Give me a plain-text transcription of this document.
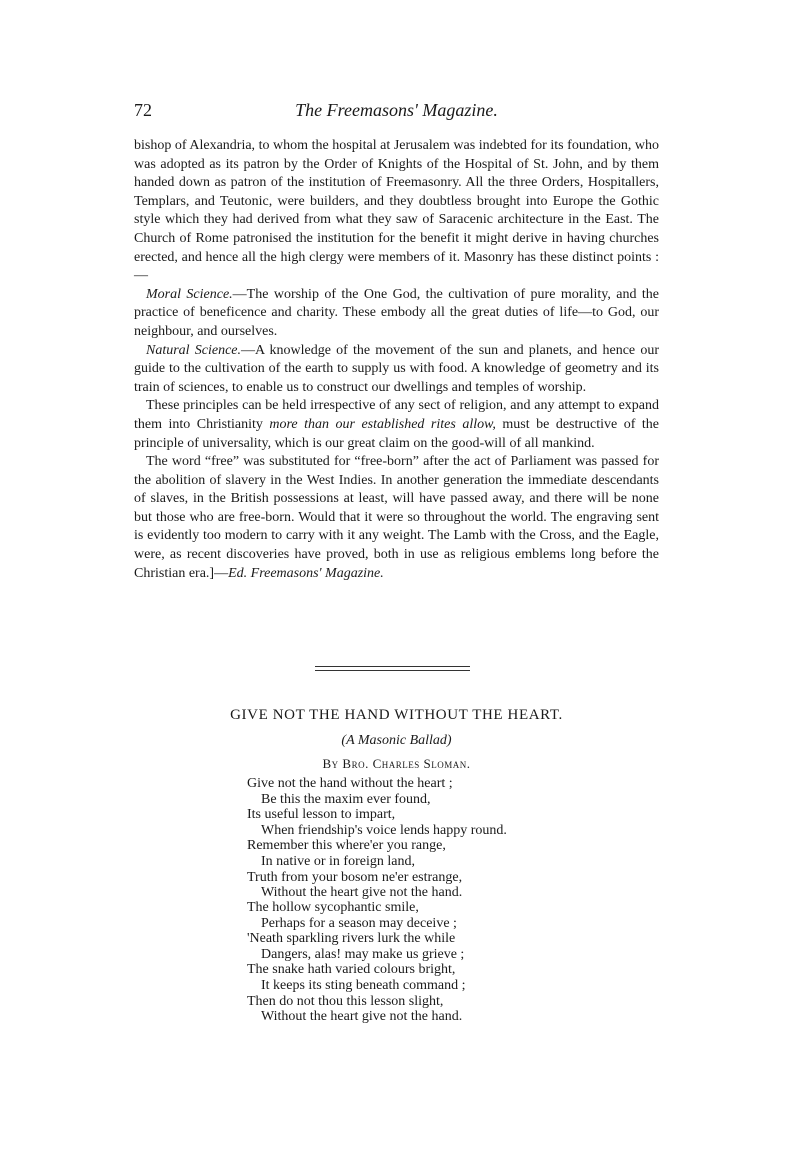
72	The Freemasons' Magazine.

bishop of Alexandria, to whom the hospital at Jerusalem was indebted for its foundation, who was adopted as its patron by the Order of Knights of the Hospital of St. John, and by them handed down as patron of the institution of Freemasonry. All the three Orders, Hospitallers, Templars, and Teutonic, were builders, and they doubtless brought into Europe the Gothic style which they had derived from what they saw of Saracenic architecture in the East. The Church of Rome patronised the institution for the benefit it might derive in having churches erected, and hence all the high clergy were members of it. Masonry has these distinct points :—

Moral Science.—The worship of the One God, the cultivation of pure morality, and the practice of beneficence and charity. These embody all the great duties of life—to God, our neighbour, and ourselves.

Natural Science.—A knowledge of the movement of the sun and planets, and hence our guide to the cultivation of the earth to supply us with food. A knowledge of geometry and its train of sciences, to enable us to construct our dwellings and temples of worship.

These principles can be held irrespective of any sect of religion, and any attempt to expand them into Christianity more than our established rites allow, must be destructive of the principle of universality, which is our great claim on the good-will of all mankind.

The word “free” was substituted for “free-born” after the act of Parliament was passed for the abolition of slavery in the West Indies. In another generation the immediate descendants of slaves, in the British possessions at least, will have passed away, and there will be none but those who are free-born. Would that it were so throughout the world. The engraving sent is evidently too modern to carry with it any weight. The Lamb with the Cross, and the Eagle, were, as recent discoveries have proved, both in use as religious emblems long before the Christian era.]—Ed. Freemasons' Magazine.

GIVE NOT THE HAND WITHOUT THE HEART.
(A Masonic Ballad)
By Bro. Charles Sloman.
Give not the hand without the heart ;
Be this the maxim ever found,
Its useful lesson to impart,
When friendship's voice lends happy round.
Remember this where'er you range,
In native or in foreign land,
Truth from your bosom ne'er estrange,
Without the heart give not the hand.
The hollow sycophantic smile,
Perhaps for a season may deceive ;
'Neath sparkling rivers lurk the while
Dangers, alas! may make us grieve ;
The snake hath varied colours bright,
It keeps its sting beneath command ;
Then do not thou this lesson slight,
Without the heart give not the hand.
